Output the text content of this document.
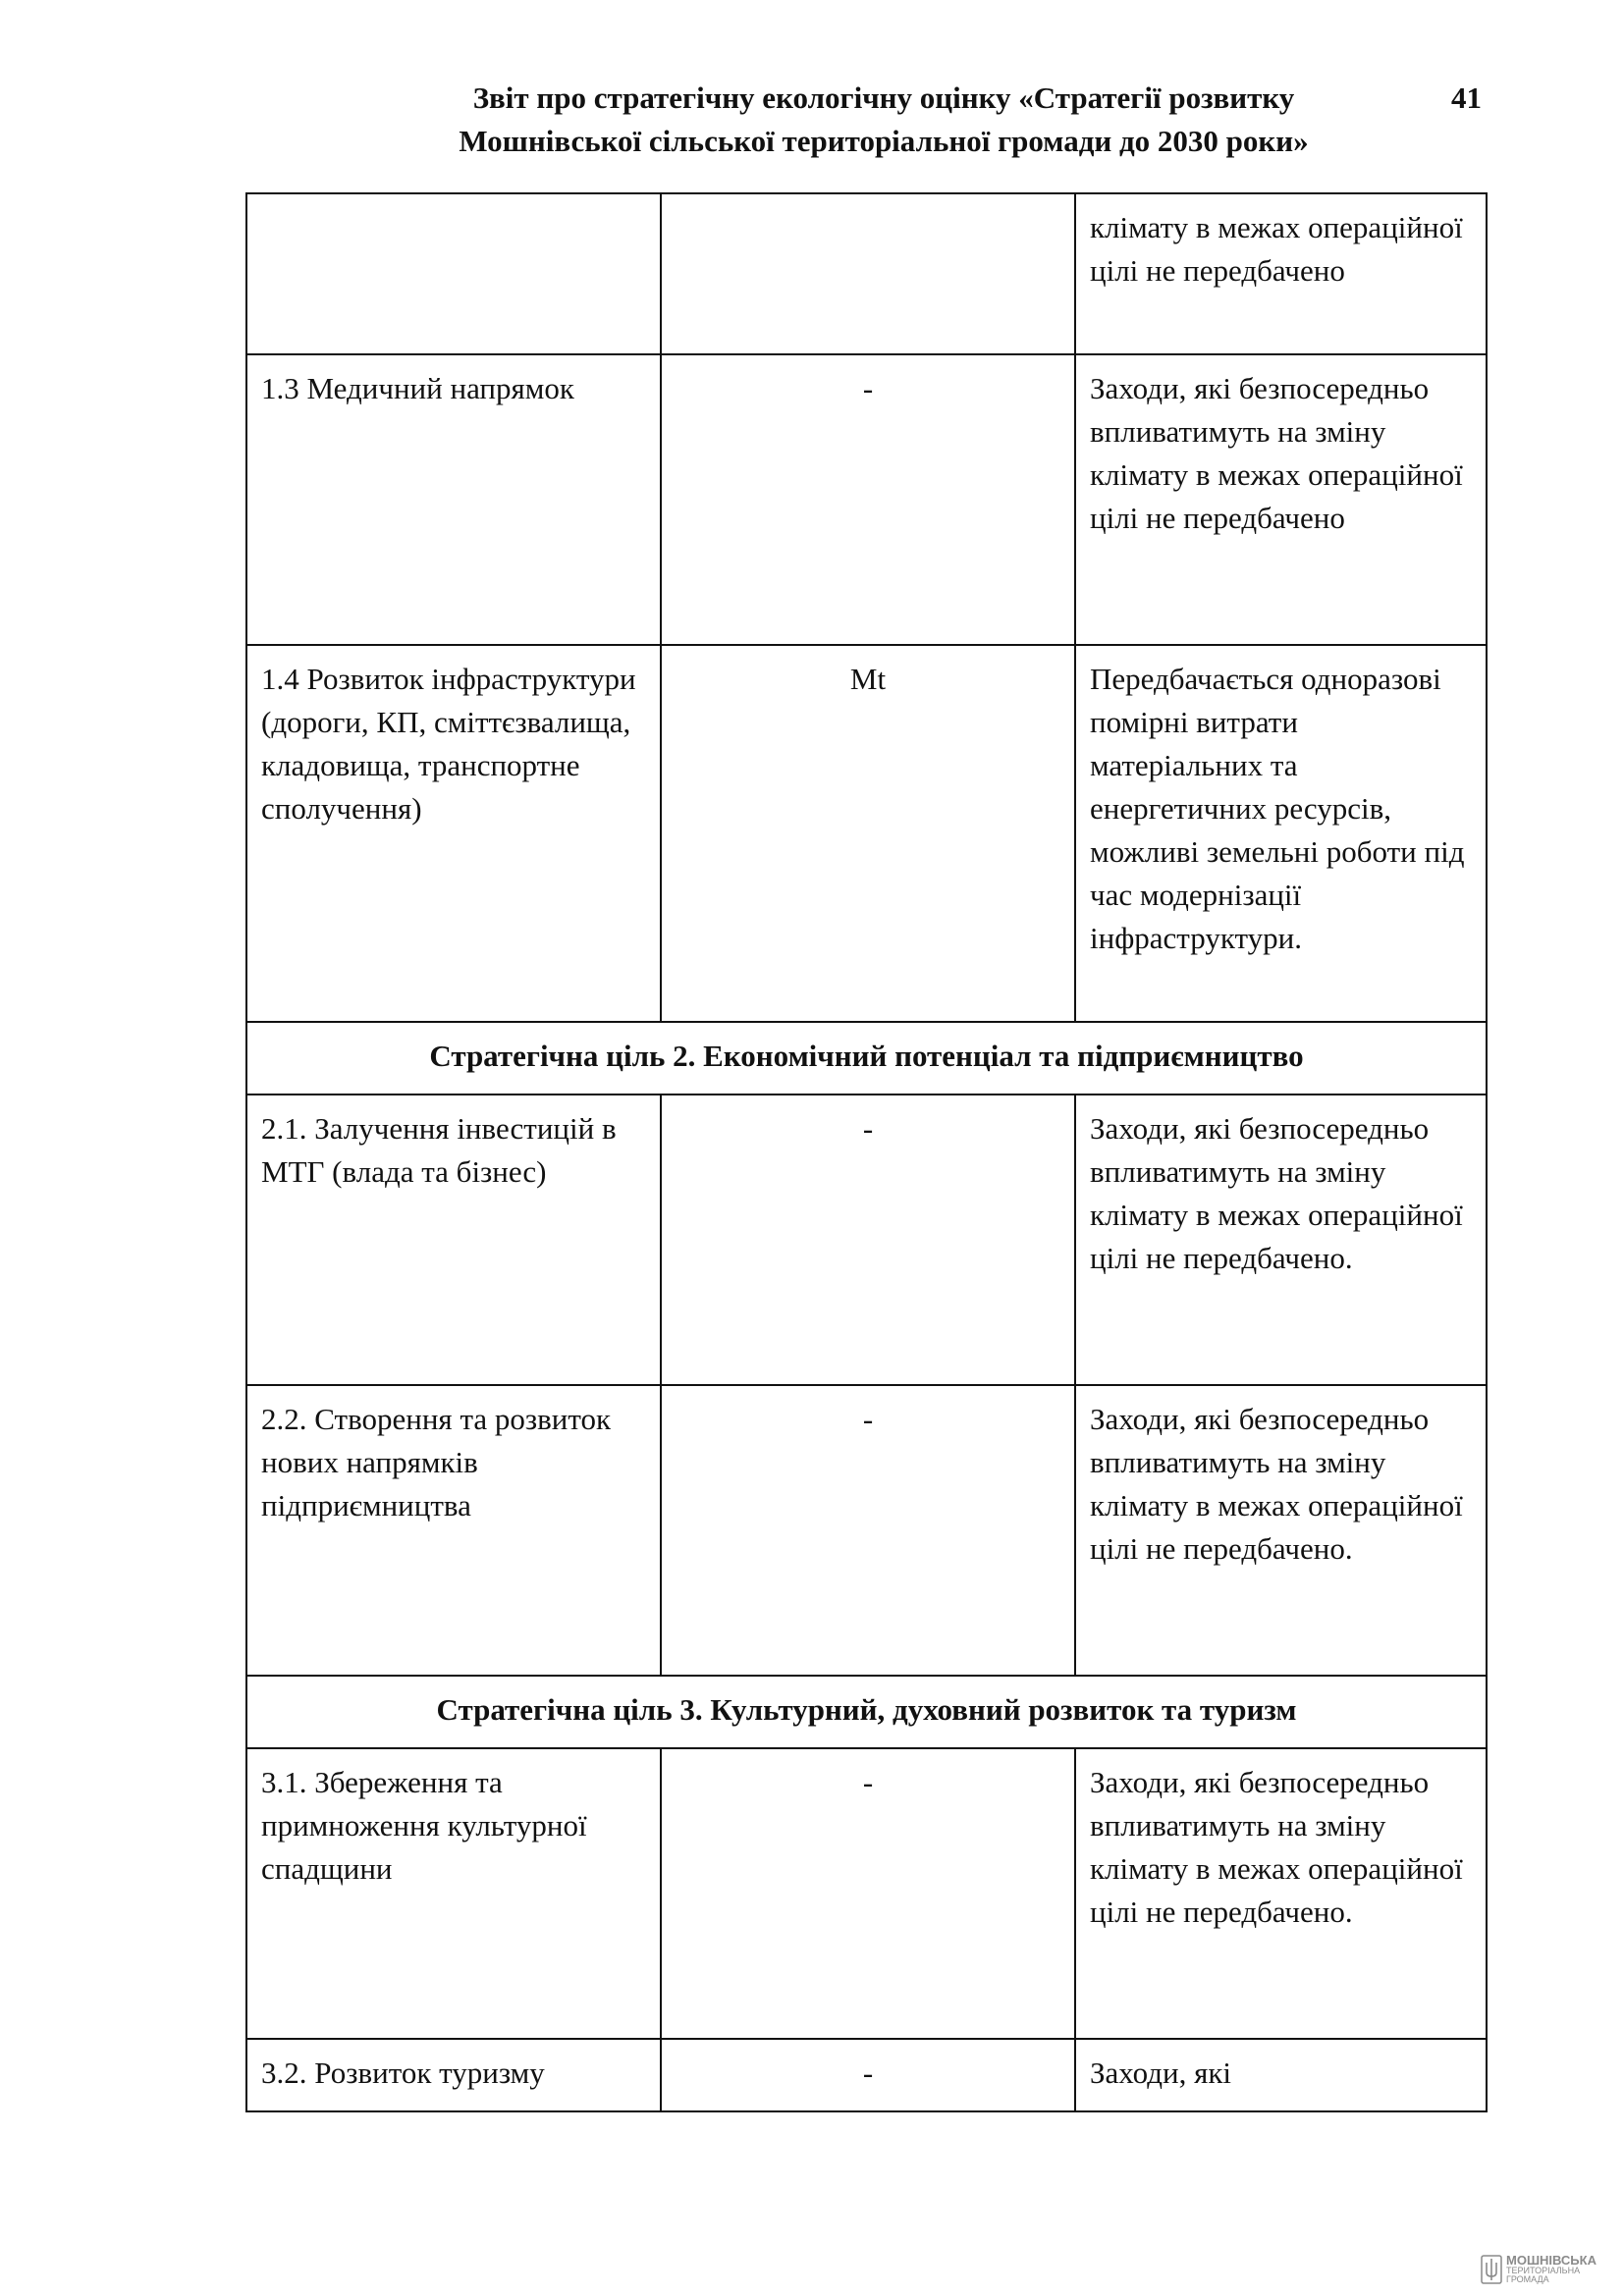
Звіт про стратегічну екологічну оцінку «Стратегії розвитку
Мошнівської сільської територіальної громади до 2030 роки»
41

		клімату в межах операційної цілі не передбачено

1.3 Медичний напрямок	-	Заходи, які безпосередньо впливатимуть на зміну клімату в межах операційної цілі не передбачено

1.4 Розвиток інфраструктури (дороги, КП, сміттєзвалища, кладовища, транспортне сполучення)	Mt	Передбачається одноразові помірні витрати матеріальних та енергетичних ресурсів, можливі земельні роботи під час модернізації інфраструктури.

Стратегічна ціль 2. Економічний потенціал та підприємництво		

2.1. Залучення інвестицій в МТГ (влада та бізнес)	-	Заходи, які безпосередньо впливатимуть на зміну клімату в межах операційної цілі не передбачено.

2.2. Створення та розвиток нових напрямків підприємництва	-	Заходи, які безпосередньо впливатимуть на зміну клімату в межах операційної цілі не передбачено.

Стратегічна ціль 3. Культурний, духовний розвиток та туризм		

3.1. Збереження та примноження культурної спадщини	-	Заходи, які безпосередньо впливатимуть на зміну клімату в межах операційної цілі не передбачено.

3.2. Розвиток туризму	-	Заходи, які
МОШНІВСЬКА
ТЕРИТОРІАЛЬНА
ГРОМАДА
